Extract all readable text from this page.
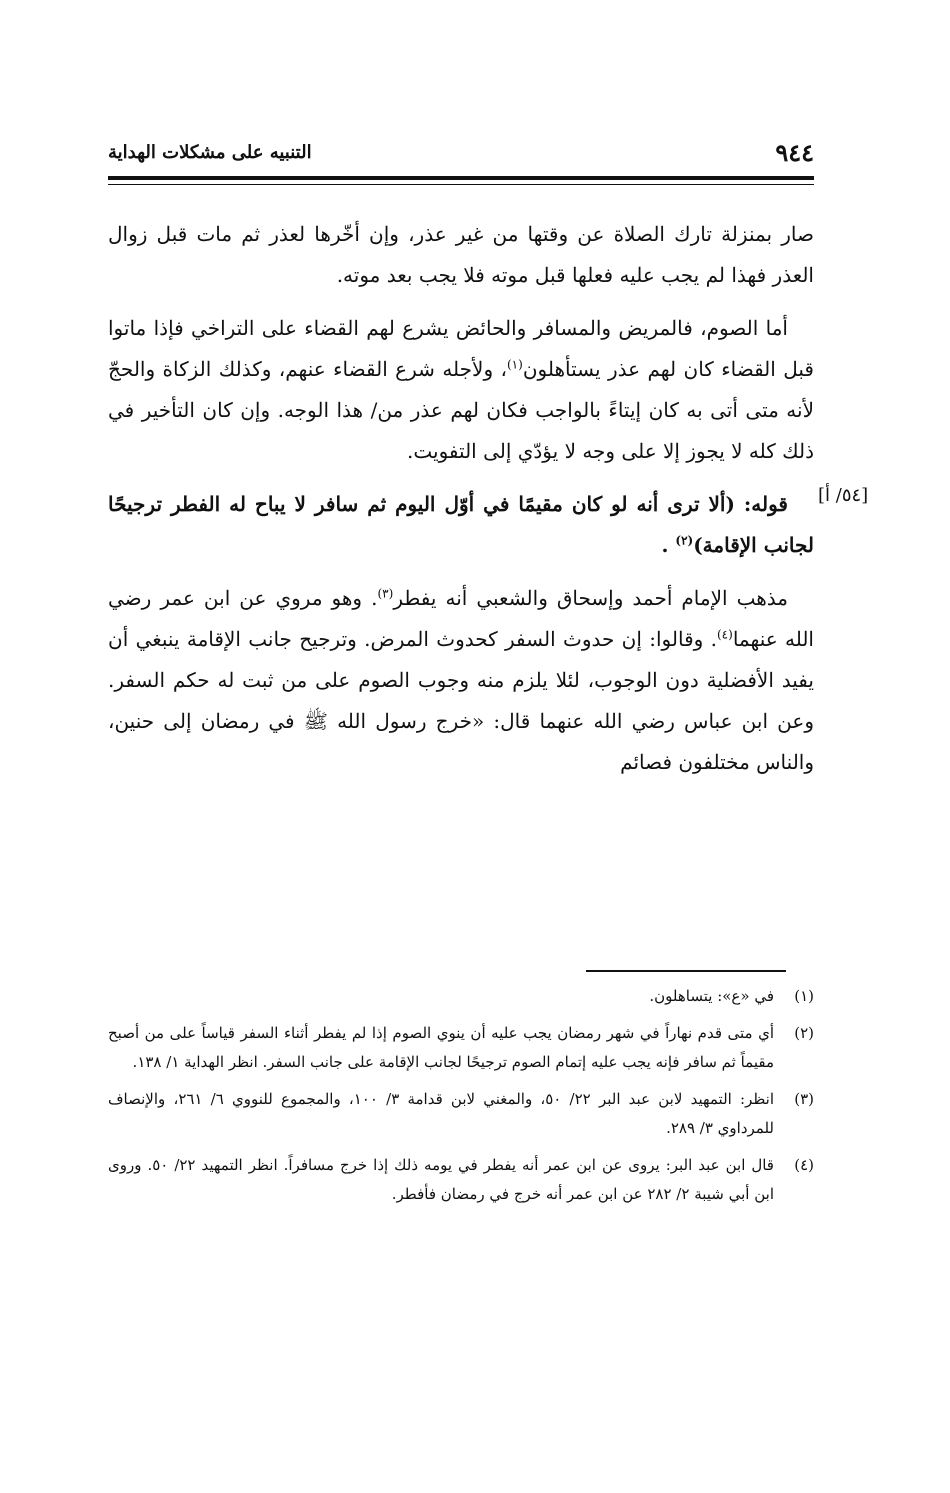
٩٤٤
التنبيه على مشكلات الهداية

صار بمنزلة تارك الصلاة عن وقتها من غير عذر، وإن أخّرها لعذر ثم مات قبل زوال العذر فهذا لم يجب عليه فعلها قبل موته فلا يجب بعد موته.

أما الصوم، فالمريض والمسافر والحائض يشرع لهم القضاء على التراخي فإذا ماتوا قبل القضاء كان لهم عذر يستأهلون$^{(١)}$، ولأجله شرع القضاء عنهم، وكذلك الزكاة والحجّ لأنه متى أتى به كان إيتاءً بالواجب فكان لهم عذر من/ هذا الوجه. وإن كان التأخير في ذلك كله لا يجوز إلا على وجه لا يؤدّي إلى التفويت.

قوله: (ألا ترى أنه لو كان مقيمًا في أوّل اليوم ثم سافر لا يباح له الفطر ترجيحًا لجانب الإقامة)$^{(٢)}$ .

مذهب الإمام أحمد وإسحاق والشعبي أنه يفطر$^{(٣)}$. وهو مروي عن ابن عمر رضي الله عنهما$^{(٤)}$. وقالوا: إن حدوث السفر كحدوث المرض. وترجيح جانب الإقامة ينبغي أن يفيد الأفضلية دون الوجوب، لئلا يلزم منه وجوب الصوم على من ثبت له حكم السفر. وعن ابن عباس رضي الله عنهما قال: «خرج رسول الله ﷺ في رمضان إلى حنين، والناس مختلفون فصائم

[٥٤/ أ]
(١)
في «ع»: يتساهلون.
(٢)
أي متى قدم نهاراً في شهر رمضان يجب عليه أن ينوي الصوم إذا لم يفطر أثناء السفر قياساً على من أصبح مقيماً ثم سافر فإنه يجب عليه إتمام الصوم ترجيحًا لجانب الإقامة على جانب السفر. انظر الهداية ١/ ١٣٨.
(٣)
انظر: التمهيد لابن عبد البر ٢٢/ ٥٠، والمغني لابن قدامة ٣/ ١٠٠، والمجموع للنووي ٦/ ٢٦١، والإنصاف للمرداوي ٣/ ٢٨٩.
(٤)
قال ابن عبد البر: يروى عن ابن عمر أنه يفطر في يومه ذلك إذا خرج مسافراً. انظر التمهيد ٢٢/ ٥٠. وروى ابن أبي شيبة ٢/ ٢٨٢ عن ابن عمر أنه خرج في رمضان فأفطر.
